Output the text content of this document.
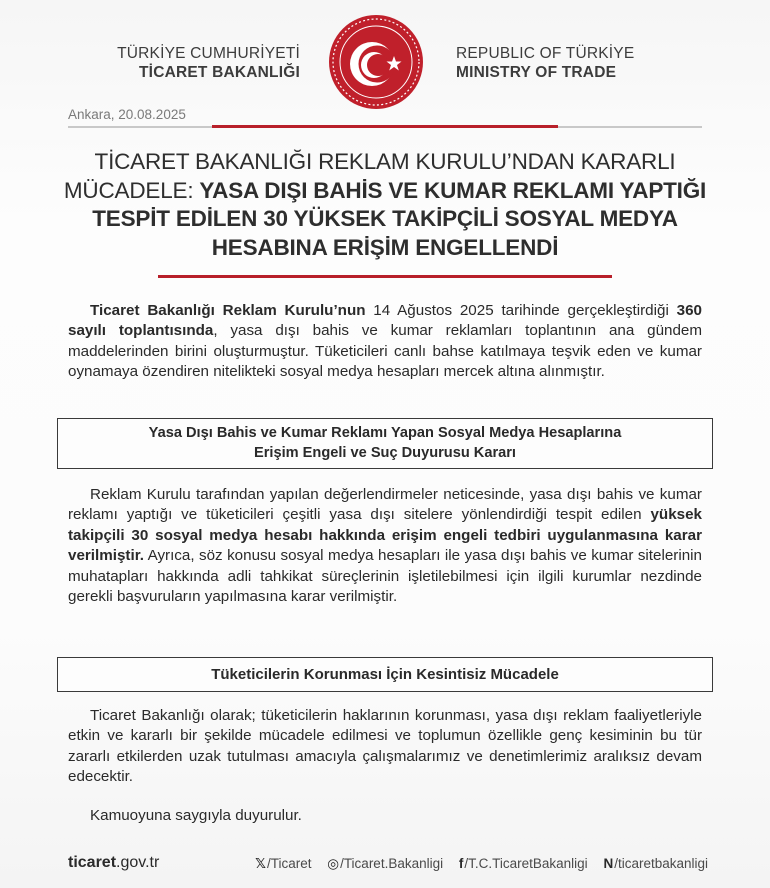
TÜRKİYE CUMHURİYETİ
TİCARET BAKANLIĞI
REPUBLIC OF TÜRKİYE
MINISTRY OF TRADE
Ankara, 20.08.2025
TİCARET BAKANLIĞI REKLAM KURULU’NDAN KARARLI MÜCADELE: YASA DIŞI BAHİS VE KUMAR REKLAMI YAPTIĞI TESPİT EDİLEN 30 YÜKSEK TAKİPÇİLİ SOSYAL MEDYA HESABINA ERİŞİM ENGELLENDİ
Ticaret Bakanlığı Reklam Kurulu’nun 14 Ağustos 2025 tarihinde gerçekleştirdiği 360 sayılı toplantısında, yasa dışı bahis ve kumar reklamları toplantının ana gündem maddelerinden birini oluşturmuştur. Tüketicileri canlı bahse katılmaya teşvik eden ve kumar oynamaya özendiren nitelikteki sosyal medya hesapları mercek altına alınmıştır.
Yasa Dışı Bahis ve Kumar Reklamı Yapan Sosyal Medya Hesaplarına
Erişim Engeli ve Suç Duyurusu Kararı
Reklam Kurulu tarafından yapılan değerlendirmeler neticesinde, yasa dışı bahis ve kumar reklamı yaptığı ve tüketicileri çeşitli yasa dışı sitelere yönlendirdiği tespit edilen yüksek takipçili 30 sosyal medya hesabı hakkında erişim engeli tedbiri uygulanmasına karar verilmiştir. Ayrıca, söz konusu sosyal medya hesapları ile yasa dışı bahis ve kumar sitelerinin muhatapları hakkında adli tahkikat süreçlerinin işletilebilmesi için ilgili kurumlar nezdinde gerekli başvuruların yapılmasına karar verilmiştir.
Tüketicilerin Korunması İçin Kesintisiz Mücadele
Ticaret Bakanlığı olarak; tüketicilerin haklarının korunması, yasa dışı reklam faaliyetleriyle etkin ve kararlı bir şekilde mücadele edilmesi ve toplumun özellikle genç kesiminin bu tür zararlı etkilerden uzak tutulması amacıyla çalışmalarımız ve denetimlerimiz aralıksız devam edecektir.
Kamuoyuna saygıyla duyurulur.
ticaret.gov.tr	𝕏/Ticaret ◎/Ticaret.Bakanligi f/T.C.TicaretBakanligi N/ticaretbakanligi
